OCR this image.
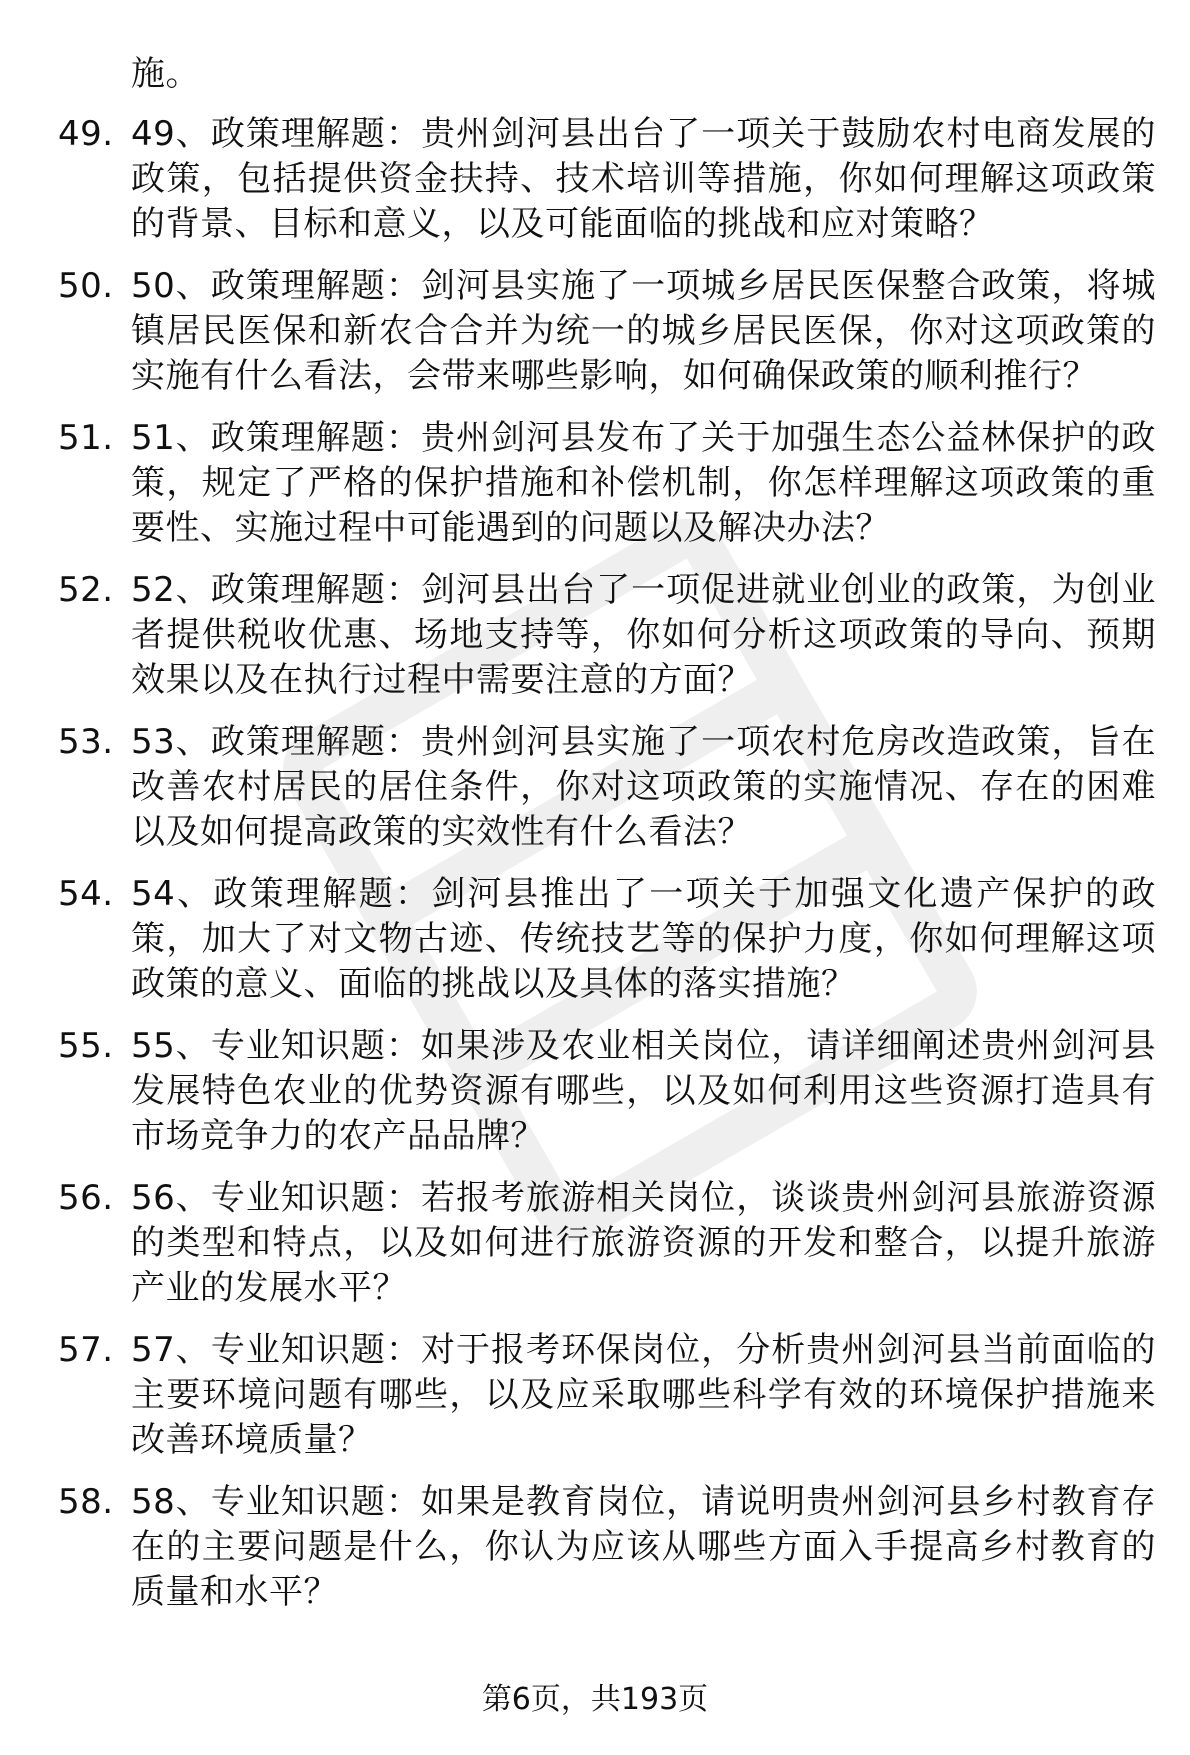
施。
49. 49、政策理解题：贵州剑河县出台了一项关于鼓励农村电商发展的政策，包括提供资金扶持、技术培训等措施，你如何理解这项政策的背景、目标和意义，以及可能面临的挑战和应对策略？
50. 50、政策理解题：剑河县实施了一项城乡居民医保整合政策，将城镇居民医保和新农合合并为统一的城乡居民医保，你对这项政策的实施有什么看法，会带来哪些影响，如何确保政策的顺利推行？
51. 51、政策理解题：贵州剑河县发布了关于加强生态公益林保护的政策，规定了严格的保护措施和补偿机制，你怎样理解这项政策的重要性、实施过程中可能遇到的问题以及解决办法？
52. 52、政策理解题：剑河县出台了一项促进就业创业的政策，为创业者提供税收优惠、场地支持等，你如何分析这项政策的导向、预期效果以及在执行过程中需要注意的方面？
53. 53、政策理解题：贵州剑河县实施了一项农村危房改造政策，旨在改善农村居民的居住条件，你对这项政策的实施情况、存在的困难以及如何提高政策的实效性有什么看法？
54. 54、政策理解题：剑河县推出了一项关于加强文化遗产保护的政策，加大了对文物古迹、传统技艺等的保护力度，你如何理解这项政策的意义、面临的挑战以及具体的落实措施？
55. 55、专业知识题：如果涉及农业相关岗位，请详细阐述贵州剑河县发展特色农业的优势资源有哪些，以及如何利用这些资源打造具有市场竞争力的农产品品牌？
56. 56、专业知识题：若报考旅游相关岗位，谈谈贵州剑河县旅游资源的类型和特点，以及如何进行旅游资源的开发和整合，以提升旅游产业的发展水平？
57. 57、专业知识题：对于报考环保岗位，分析贵州剑河县当前面临的主要环境问题有哪些，以及应采取哪些科学有效的环境保护措施来改善环境质量？
58. 58、专业知识题：如果是教育岗位，请说明贵州剑河县乡村教育存在的主要问题是什么，你认为应该从哪些方面入手提高乡村教育的质量和水平？
第6页，共193页
